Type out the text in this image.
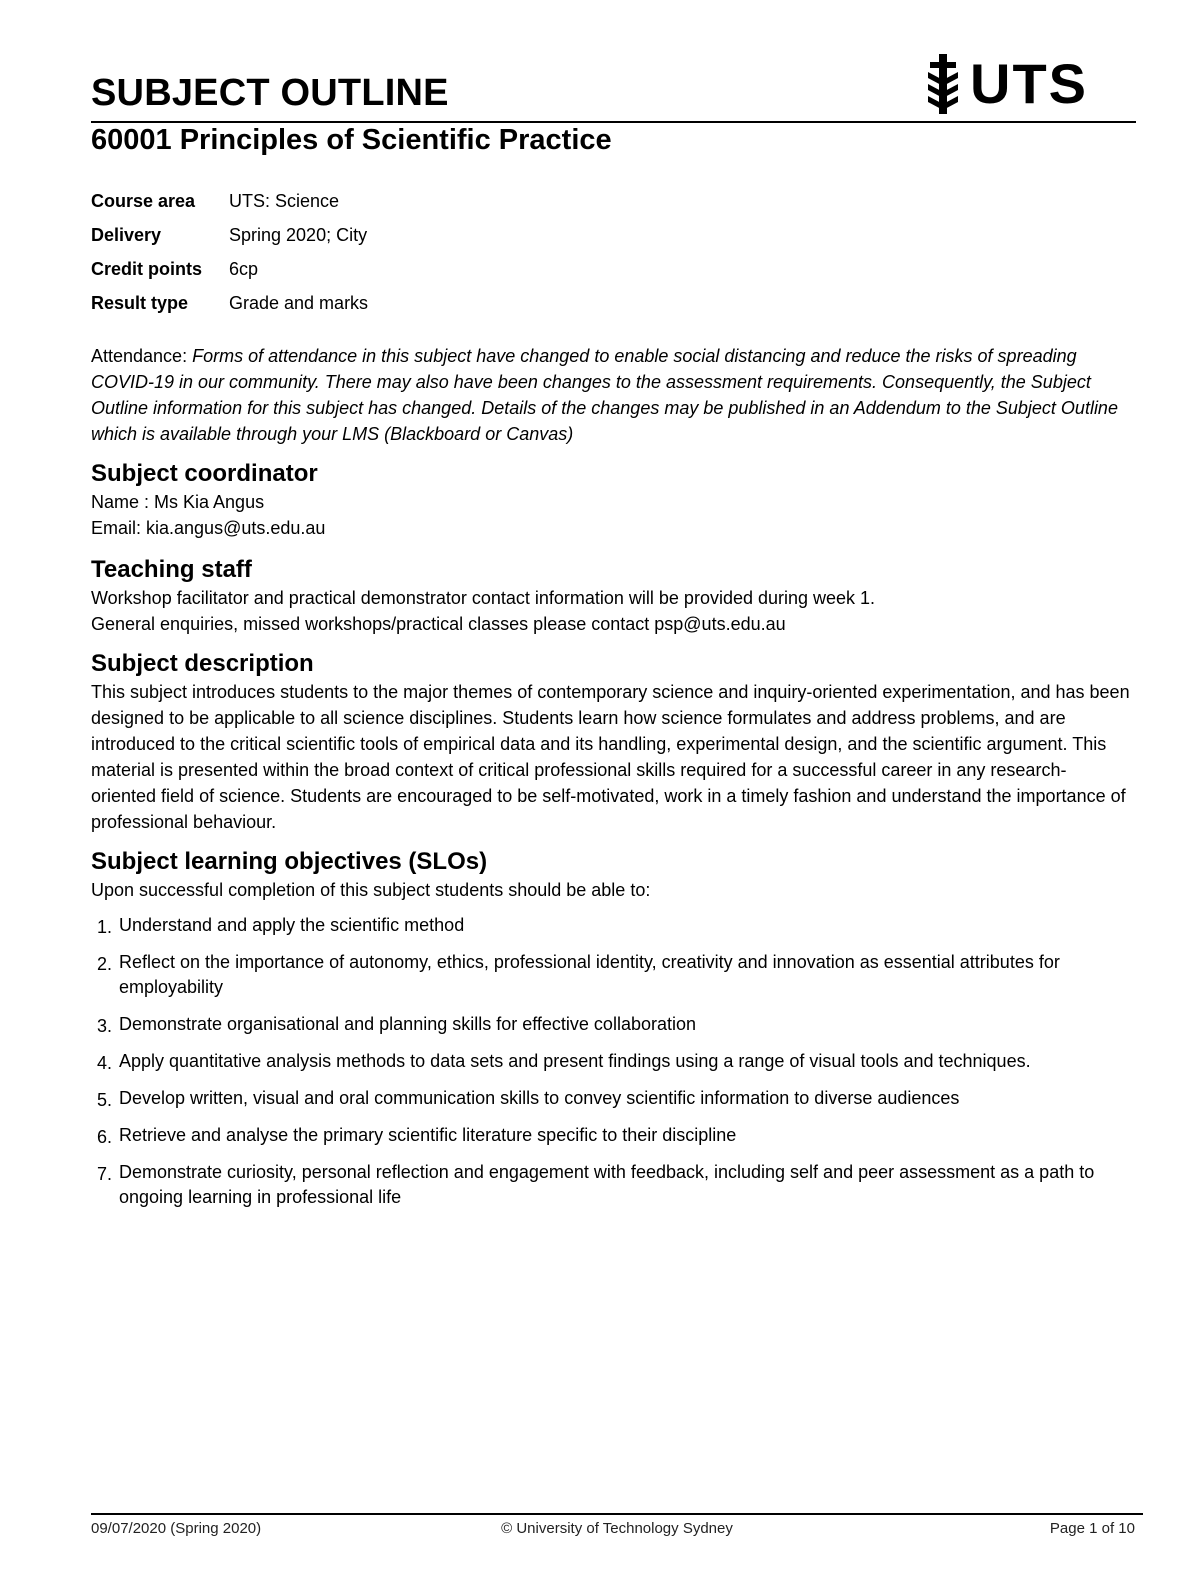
SUBJECT OUTLINE	UTS
60001 Principles of Scientific Practice
Course area	UTS: Science
Delivery	Spring 2020; City
Credit points	6cp
Result type	Grade and marks

Attendance: Forms of attendance in this subject have changed to enable social distancing and reduce the risks of spreading COVID-19 in our community. There may also have been changes to the assessment requirements. Consequently, the Subject Outline information for this subject has changed. Details of the changes may be published in an Addendum to the Subject Outline which is available through your LMS (Blackboard or Canvas)

Subject coordinator

Name : Ms Kia Angus

Email: kia.angus@uts.edu.au

Teaching staff

Workshop facilitator and practical demonstrator contact information will be provided during week 1.

General enquiries, missed workshops/practical classes please contact psp@uts.edu.au

Subject description

This subject introduces students to the major themes of contemporary science and inquiry-oriented experimentation, and has been designed to be applicable to all science disciplines. Students learn how science formulates and address problems, and are introduced to the critical scientific tools of empirical data and its handling, experimental design, and the scientific argument. This material is presented within the broad context of critical professional skills required for a successful career in any research-oriented field of science. Students are encouraged to be self-motivated, work in a timely fashion and understand the importance of professional behaviour.

Subject learning objectives (SLOs)

Upon successful completion of this subject students should be able to:

1. Understand and apply the scientific method
2. Reflect on the importance of autonomy, ethics, professional identity, creativity and innovation as essential attributes for employability
3. Demonstrate organisational and planning skills for effective collaboration
4. Apply quantitative analysis methods to data sets and present findings using a range of visual tools and techniques.
5. Develop written, visual and oral communication skills to convey scientific information to diverse audiences
6. Retrieve and analyse the primary scientific literature specific to their discipline
7. Demonstrate curiosity, personal reflection and engagement with feedback, including self and peer assessment as a path to ongoing learning in professional life
09/07/2020 (Spring 2020)	© University of Technology Sydney	Page 1 of 10
